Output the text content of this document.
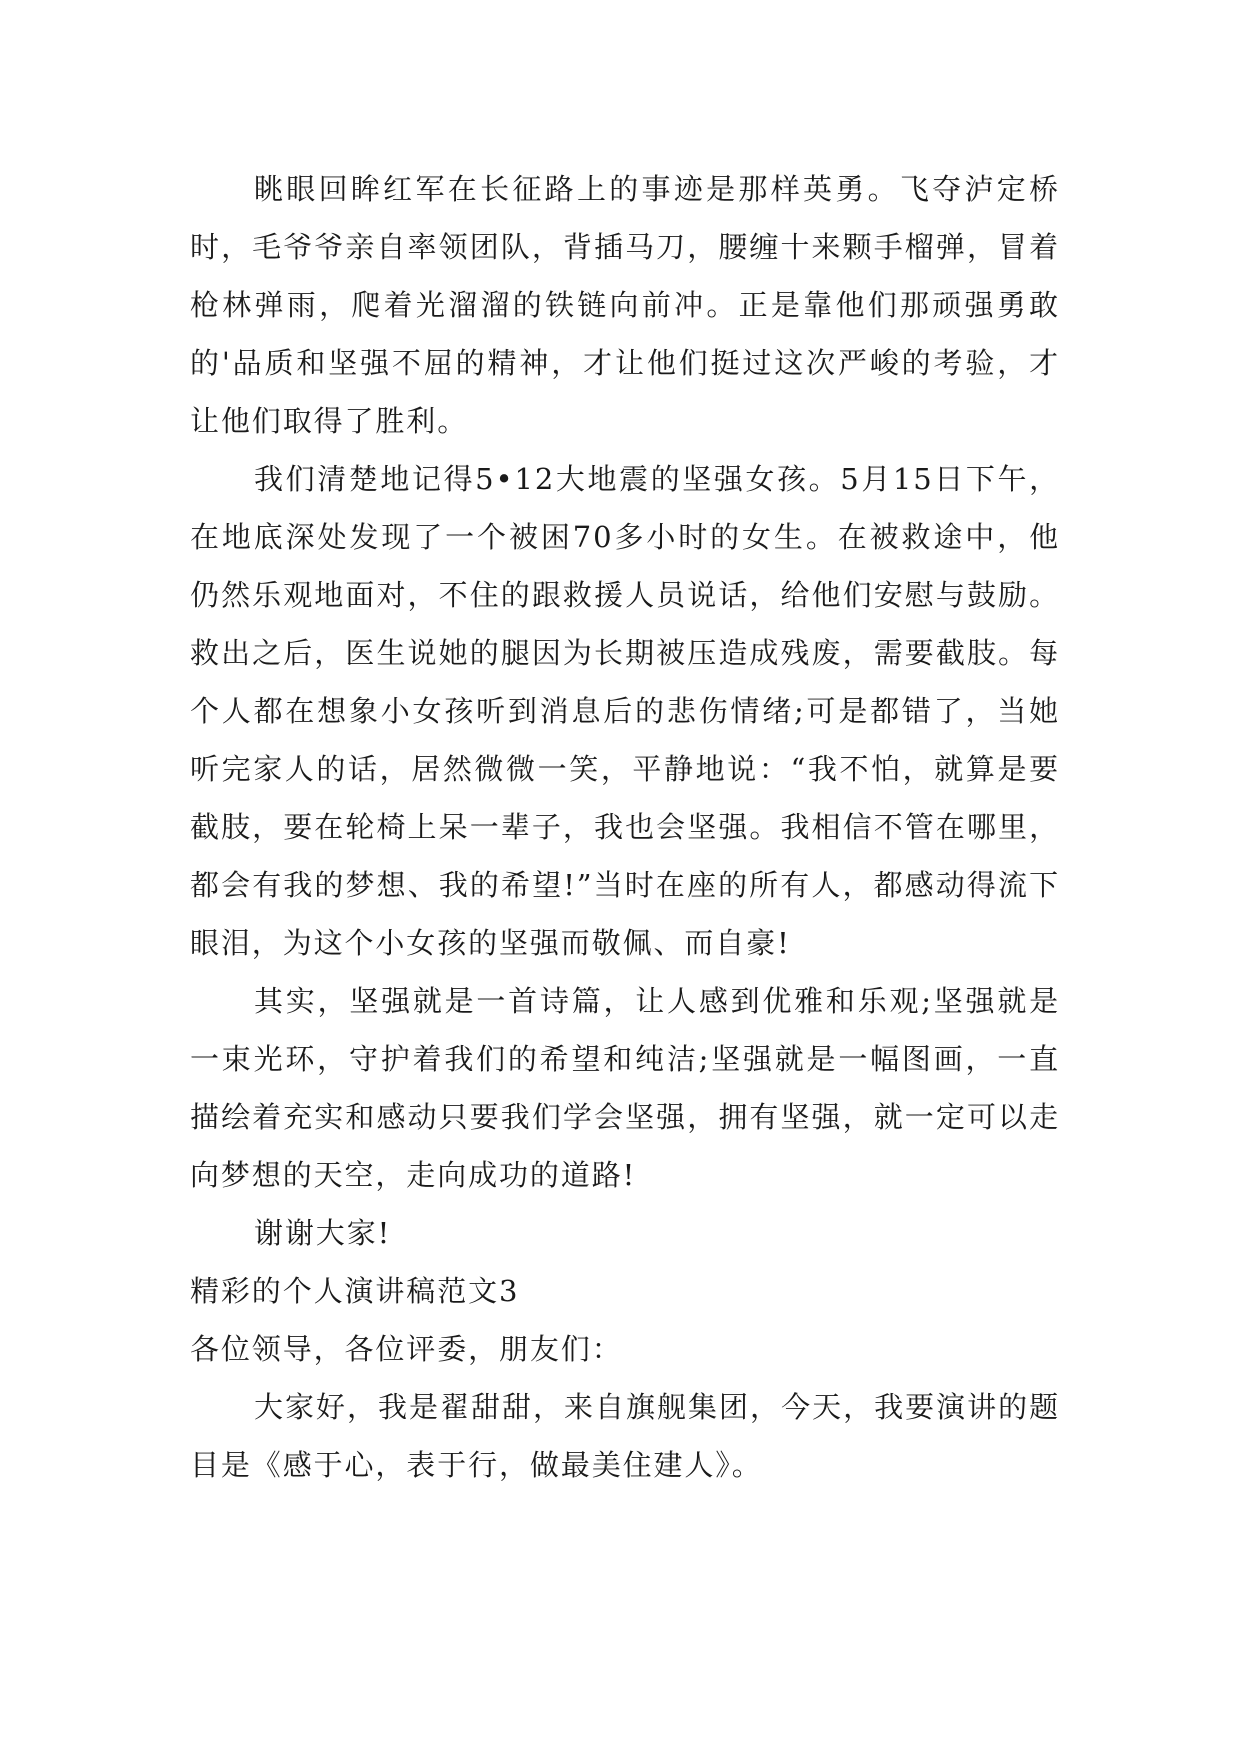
眺眼回眸红军在长征路上的事迹是那样英勇。飞夺泸定桥时，毛爷爷亲自率领团队，背插马刀，腰缠十来颗手榴弹，冒着枪林弹雨，爬着光溜溜的铁链向前冲。正是靠他们那顽强勇敢的'品质和坚强不屈的精神，才让他们挺过这次严峻的考验，才让他们取得了胜利。

我们清楚地记得5•12大地震的坚强女孩。5月15日下午，在地底深处发现了一个被困70多小时的女生。在被救途中，他仍然乐观地面对，不住的跟救援人员说话，给他们安慰与鼓励。救出之后，医生说她的腿因为长期被压造成残废，需要截肢。每个人都在想象小女孩听到消息后的悲伤情绪;可是都错了，当她听完家人的话，居然微微一笑，平静地说：“我不怕，就算是要截肢，要在轮椅上呆一辈子，我也会坚强。我相信不管在哪里，都会有我的梦想、我的希望!”当时在座的所有人，都感动得流下眼泪，为这个小女孩的坚强而敬佩、而自豪!

其实，坚强就是一首诗篇，让人感到优雅和乐观;坚强就是一束光环，守护着我们的希望和纯洁;坚强就是一幅图画，一直描绘着充实和感动只要我们学会坚强，拥有坚强，就一定可以走向梦想的天空，走向成功的道路!

谢谢大家!

精彩的个人演讲稿范文3

各位领导，各位评委，朋友们：

大家好，我是翟甜甜，来自旗舰集团，今天，我要演讲的题目是《感于心，表于行，做最美住建人》。
